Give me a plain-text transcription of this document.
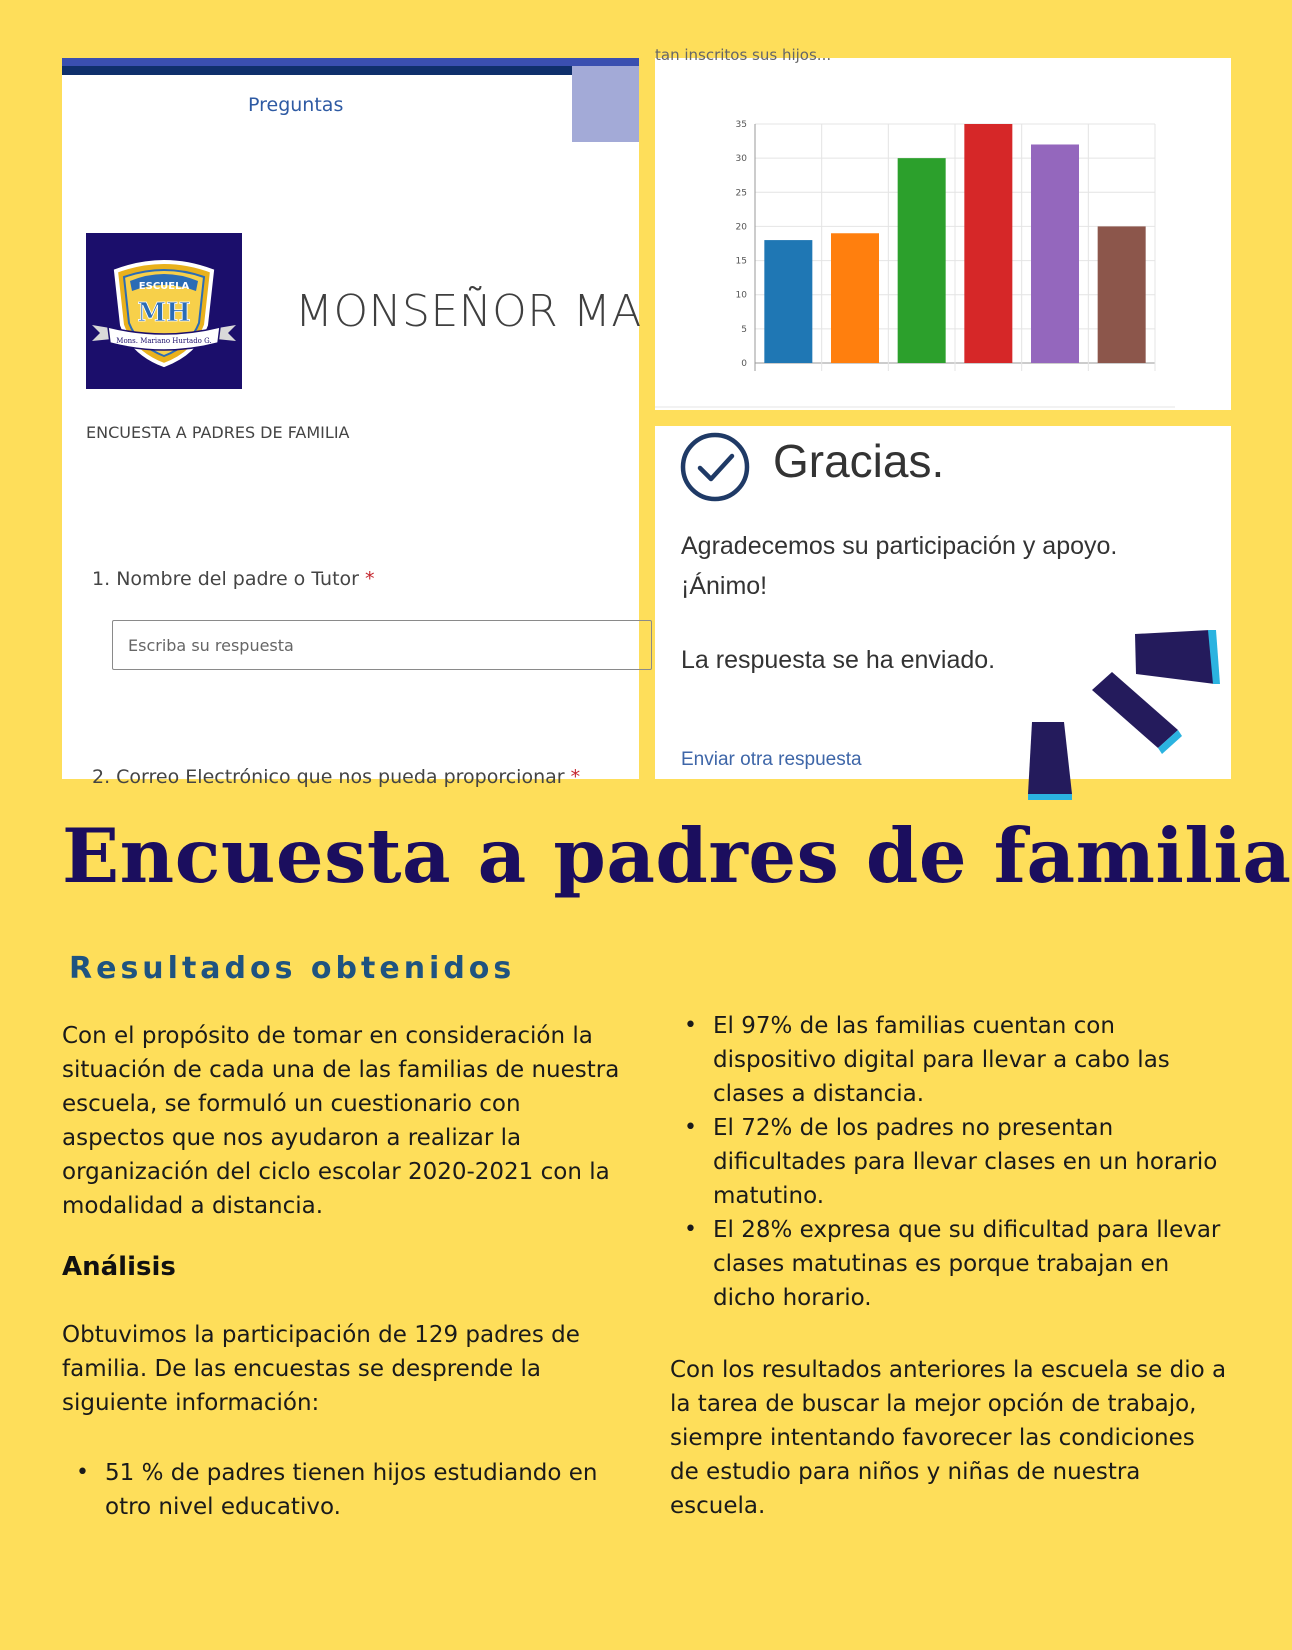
Preguntas
ESCUELA
MH
Mons. Mariano Hurtado G.
MONSEÑOR MA
ENCUESTA A PADRES DE FAMILIA
1. Nombre del padre o Tutor *
Escriba su respuesta
2. Correo Electrónico que nos pueda proporcionar *
tan inscritos sus hijos...
0
5
10
15
20
25
30
35
Gracias.
Agradecemos su participación y apoyo. ¡Ánimo!
La respuesta se ha enviado.
Enviar otra respuesta
Encuesta a padres de familia
Resultados obtenidos
Con el propósito de tomar en consideración la situación de cada una de las familias de nuestra escuela, se formuló un cuestionario con aspectos que nos ayudaron a realizar la organización del ciclo escolar 2020-2021 con la modalidad a distancia.
Análisis
Obtuvimos la participación de 129 padres de familia. De las encuestas se desprende la siguiente información:
• 51 % de padres tienen hijos estudiando en otro nivel educativo.
• El 97% de las familias cuentan con dispositivo digital para llevar a cabo las clases a distancia.
• El 72% de los padres no presentan dificultades para llevar clases en un horario matutino.
• El 28% expresa que su dificultad para llevar clases matutinas es porque trabajan en dicho horario.
Con los resultados anteriores la escuela se dio a la tarea de buscar la mejor opción de trabajo, siempre intentando favorecer las condiciones de estudio para niños y niñas de nuestra escuela.
